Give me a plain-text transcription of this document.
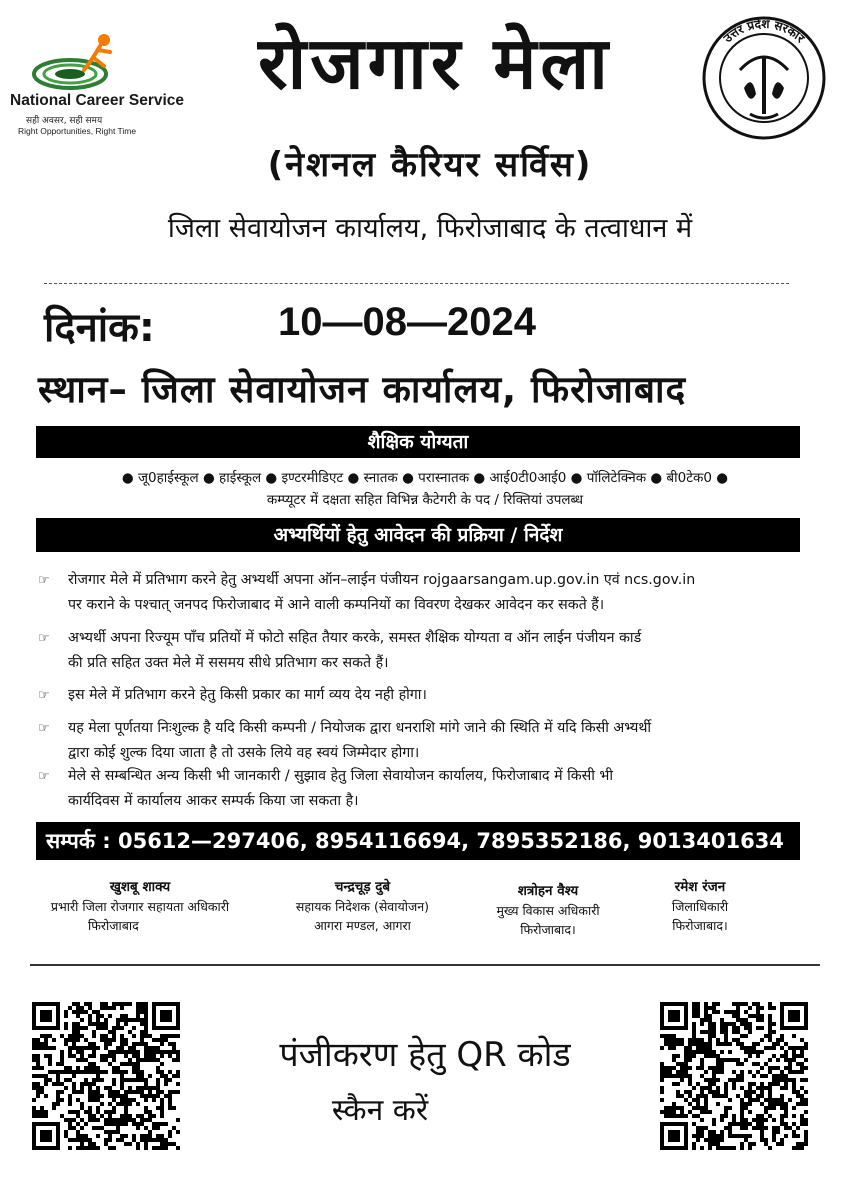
National Career Service
सही अवसर, सही समय
Right Opportunities, Right Time
रोजगार मेला	उत्तर प्रदेश सरकार
(नेशनल कैरियर सर्विस)
जिला सेवायोजन कार्यालय, फिरोजाबाद के तत्वाधान में
दिनांक:	10—08—2024
स्थान– जिला सेवायोजन कार्यालय, फिरोजाबाद
शैक्षिक योग्यता
● जू0हाईस्कूल ● हाईस्कूल ● इण्टरमीडिएट ● स्नातक ● परास्नातक ● आई0टी0आई0 ● पॉलिटेक्निक ● बी0टेक0 ●
कम्प्यूटर में दक्षता सहित विभिन्न कैटेगरी के पद / रिक्तियां उपलब्ध
अभ्यर्थियों हेतु आवेदन की प्रक्रिया / निर्देश
☞ रोजगार मेले में प्रतिभाग करने हेतु अभ्यर्थी अपना ऑन–लाईन पंजीयन rojgaarsangam.up.gov.in एवं ncs.gov.in
पर कराने के पश्चात् जनपद फिरोजाबाद में आने वाली कम्पनियों का विवरण देखकर आवेदन कर सकते हैं।
☞ अभ्यर्थी अपना रिज्यूम पाँच प्रतियों में फोटो सहित तैयार करके, समस्त शैक्षिक योग्यता व ऑन लाईन पंजीयन कार्ड
की प्रति सहित उक्त मेले में ससमय सीधे प्रतिभाग कर सकते हैं।
☞ इस मेले में प्रतिभाग करने हेतु किसी प्रकार का मार्ग व्यय देय नही होगा।
☞ यह मेला पूर्णतया निःशुल्क है यदि किसी कम्पनी / नियोजक द्वारा धनराशि मांगे जाने की स्थिति में यदि किसी अभ्यर्थी
द्वारा कोई शुल्क दिया जाता है तो उसके लिये वह स्वयं जिम्मेदार होगा।
☞ मेले से सम्बन्धित अन्य किसी भी जानकारी / सुझाव हेतु जिला सेवायोजन कार्यालय, फिरोजाबाद में किसी भी
कार्यदिवस में कार्यालय आकर सम्पर्क किया जा सकता है।
सम्पर्क : 05612—297406, 8954116694, 7895352186, 9013401634
खुशबू शाक्य
प्रभारी जिला रोजगार सहायता अधिकारी
फिरोजाबाद
चन्द्रचूड़ दुबे
सहायक निदेशक (सेवायोजन)
आगरा मण्डल, आगरा
शत्रोहन वैश्य
मुख्य विकास अधिकारी
फिरोजाबाद।
रमेश रंजन
जिलाधिकारी
फिरोजाबाद।
पंजीकरण हेतु QR कोड
स्कैन करें
